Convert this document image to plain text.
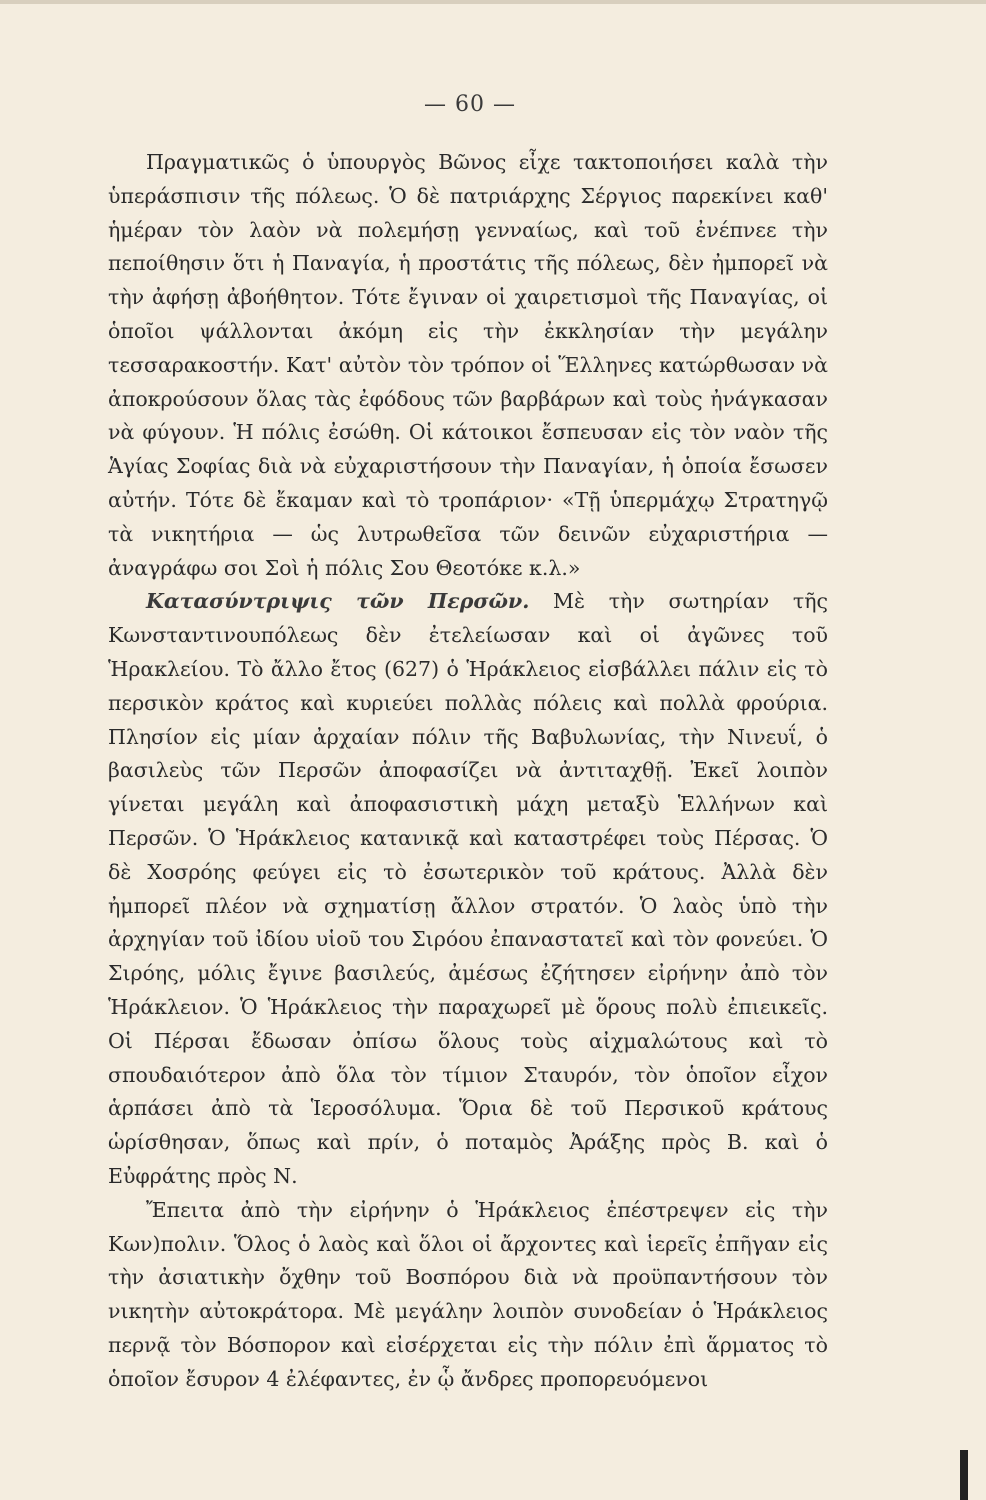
— 60 —

Πραγματικῶς ὁ ὑπουργὸς Βῶνος εἶχε τακτοποιήσει καλὰ τὴν ὑπεράσπισιν τῆς πόλεως. Ὁ δὲ πατριάρχης Σέργιος παρεκίνει καθ' ἡμέραν τὸν λαὸν νὰ πολεμήσῃ γενναίως, καὶ τοῦ ἐνέπνεε τὴν πεποίθησιν ὅτι ἡ Παναγία, ἡ προστάτις τῆς πόλεως, δὲν ἠμπορεῖ νὰ τὴν ἀφήσῃ ἀβοήθητον. Τότε ἔγιναν οἱ χαιρετισμοὶ τῆς Παναγίας, οἱ ὁποῖοι ψάλλονται ἀκόμη εἰς τὴν ἐκκλησίαν τὴν μεγάλην τεσσαρακοστήν. Κατ' αὐτὸν τὸν τρόπον οἱ Ἕλληνες κατώρθωσαν νὰ ἀποκρούσουν ὅλας τὰς ἐφόδους τῶν βαρβάρων καὶ τοὺς ἠνάγκασαν νὰ φύγουν. Ἡ πόλις ἐσώθη. Οἱ κάτοικοι ἔσπευσαν εἰς τὸν ναὸν τῆς Ἁγίας Σοφίας διὰ νὰ εὐχαριστήσουν τὴν Παναγίαν, ἡ ὁποία ἔσωσεν αὐτήν. Τότε δὲ ἔκαμαν καὶ τὸ τροπάριον· «Τῇ ὑπερμάχῳ Στρατηγῷ τὰ νικητήρια — ὡς λυτρωθεῖσα τῶν δεινῶν εὐχαριστήρια — ἀναγράφω σοι Σοὶ ἡ πόλις Σου Θεοτόκε κ.λ.»

Κατασύντριψις τῶν Περσῶν. Μὲ τὴν σωτηρίαν τῆς Κωνσταντινουπόλεως δὲν ἐτελείωσαν καὶ οἱ ἀγῶνες τοῦ Ἡρακλείου. Τὸ ἄλλο ἔτος (627) ὁ Ἡράκλειος εἰσβάλλει πάλιν εἰς τὸ περσικὸν κράτος καὶ κυριεύει πολλὰς πόλεις καὶ πολλὰ φρούρια. Πλησίον εἰς μίαν ἀρχαίαν πόλιν τῆς Βαβυλωνίας, τὴν Νινευΐ, ὁ βασιλεὺς τῶν Περσῶν ἀποφασίζει νὰ ἀντιταχθῇ. Ἐκεῖ λοιπὸν γίνεται μεγάλη καὶ ἀποφασιστικὴ μάχη μεταξὺ Ἑλλήνων καὶ Περσῶν. Ὁ Ἡράκλειος κατανικᾷ καὶ καταστρέφει τοὺς Πέρσας. Ὁ δὲ Χοσρόης φεύγει εἰς τὸ ἐσωτερικὸν τοῦ κράτους. Ἀλλὰ δὲν ἠμπορεῖ πλέον νὰ σχηματίσῃ ἄλλον στρατόν. Ὁ λαὸς ὑπὸ τὴν ἀρχηγίαν τοῦ ἰδίου υἱοῦ του Σιρόου ἐπαναστατεῖ καὶ τὸν φονεύει. Ὁ Σιρόης, μόλις ἔγινε βασιλεύς, ἀμέσως ἐζήτησεν εἰρήνην ἀπὸ τὸν Ἡράκλειον. Ὁ Ἡράκλειος τὴν παραχωρεῖ μὲ ὅρους πολὺ ἐπιεικεῖς. Οἱ Πέρσαι ἔδωσαν ὀπίσω ὅλους τοὺς αἰχμαλώτους καὶ τὸ σπουδαιότερον ἀπὸ ὅλα τὸν τίμιον Σταυρόν, τὸν ὁποῖον εἶχον ἁρπάσει ἀπὸ τὰ Ἱεροσόλυμα. Ὅρια δὲ τοῦ Περσικοῦ κράτους ὡρίσθησαν, ὅπως καὶ πρίν, ὁ ποταμὸς Ἀράξης πρὸς Β. καὶ ὁ Εὐφράτης πρὸς Ν.

Ἔπειτα ἀπὸ τὴν εἰρήνην ὁ Ἡράκλειος ἐπέστρεψεν εἰς τὴν Κων)πολιν. Ὅλος ὁ λαὸς καὶ ὅλοι οἱ ἄρχοντες καὶ ἱερεῖς ἐπῆγαν εἰς τὴν ἀσιατικὴν ὄχθην τοῦ Βοσπόρου διὰ νὰ προϋπαντήσουν τὸν νικητὴν αὐτοκράτορα. Μὲ μεγάλην λοιπὸν συνοδείαν ὁ Ἡράκλειος περνᾷ τὸν Βόσπορον καὶ εἰσέρχεται εἰς τὴν πόλιν ἐπὶ ἅρματος τὸ ὁποῖον ἔσυρον 4 ἐλέφαντες, ἐν ᾧ ἄνδρες προπορευόμενοι
